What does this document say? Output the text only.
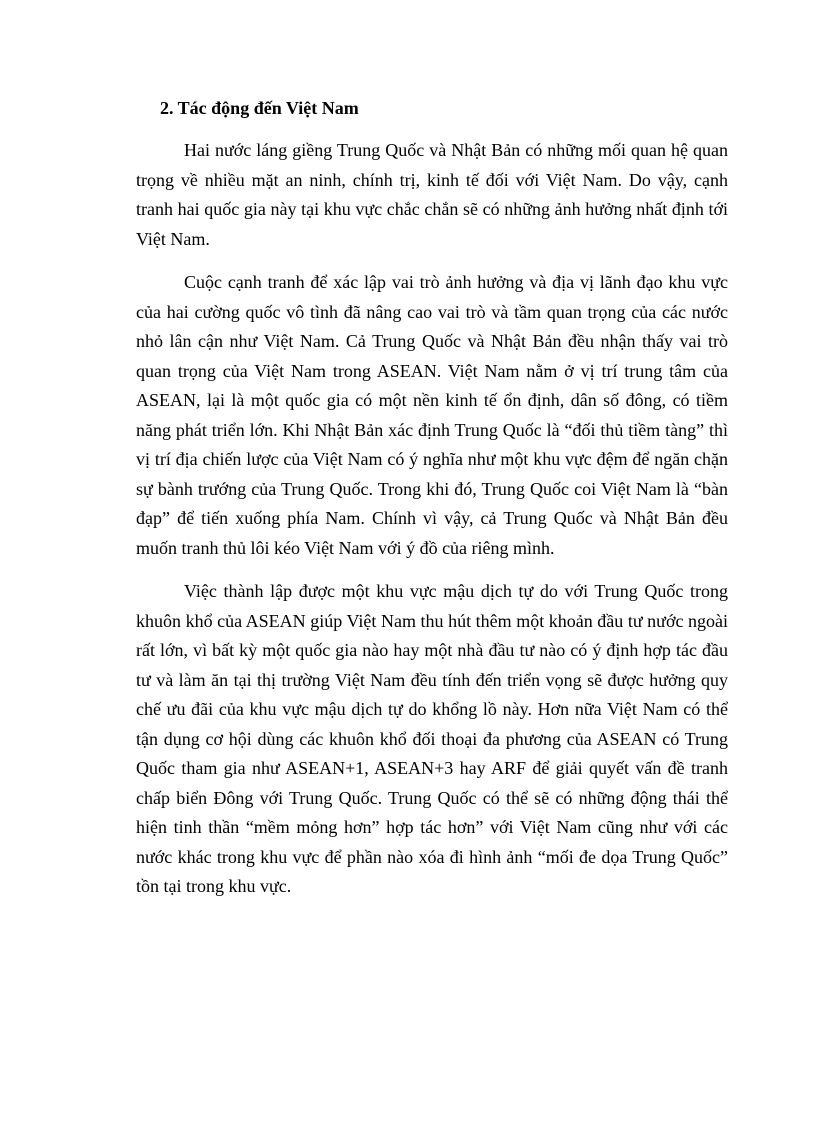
2. Tác động đến Việt Nam

Hai nước láng giềng Trung Quốc và Nhật Bản có những mối quan hệ quan trọng về nhiều mặt an ninh, chính trị, kinh tế đối với Việt Nam. Do vậy, cạnh tranh hai quốc gia này tại khu vực chắc chắn sẽ có những ảnh hưởng nhất định tới Việt Nam.

Cuộc cạnh tranh để xác lập vai trò ảnh hưởng và địa vị lãnh đạo khu vực của hai cường quốc vô tình đã nâng cao vai trò và tầm quan trọng của các nước nhỏ lân cận như Việt Nam. Cả Trung Quốc và Nhật Bản đều nhận thấy vai trò quan trọng của Việt Nam trong ASEAN. Việt Nam nằm ở vị trí trung tâm của ASEAN, lại là một quốc gia có một nền kinh tế ổn định, dân số đông, có tiềm năng phát triển lớn. Khi Nhật Bản xác định Trung Quốc là “đối thủ tiềm tàng” thì vị trí địa chiến lược của Việt Nam có ý nghĩa như một khu vực đệm để ngăn chặn sự bành trướng của Trung Quốc. Trong khi đó, Trung Quốc coi Việt Nam là “bàn đạp” để tiến xuống phía Nam. Chính vì vậy, cả Trung Quốc và Nhật Bản đều muốn tranh thủ lôi kéo Việt Nam với ý đồ của riêng mình.

Việc thành lập được một khu vực mậu dịch tự do với Trung Quốc trong khuôn khổ của ASEAN giúp Việt Nam thu hút thêm một khoản đầu tư nước ngoài rất lớn, vì bất kỳ một quốc gia nào hay một nhà đầu tư nào có ý định hợp tác đầu tư và làm ăn tại thị trường Việt Nam đều tính đến triển vọng sẽ được hưởng quy chế ưu đãi của khu vực mậu dịch tự do khổng lồ này. Hơn nữa Việt Nam có thể tận dụng cơ hội dùng các khuôn khổ đối thoại đa phương của ASEAN có Trung Quốc tham gia như ASEAN+1, ASEAN+3 hay ARF để giải quyết vấn đề tranh chấp biển Đông với Trung Quốc. Trung Quốc có thể sẽ có những động thái thể hiện tinh thần “mềm mỏng hơn” hợp tác hơn” với Việt Nam cũng như với các nước khác trong khu vực để phần nào xóa đi hình ảnh “mối đe dọa Trung Quốc” tồn tại trong khu vực.
